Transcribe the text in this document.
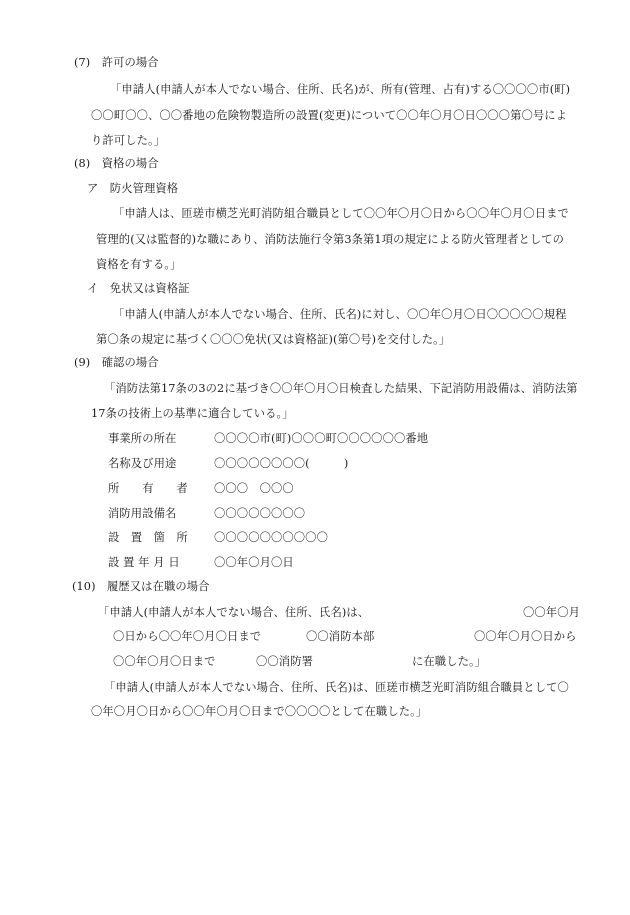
(7)　許可の場合
「申請人(申請人が本人でない場合、住所、氏名)が、所有(管理、占有)する〇〇〇〇市(町)
〇〇町〇〇、〇〇番地の危険物製造所の設置(変更)について〇〇年〇月〇日〇〇〇第〇号によ
り許可した。」
(8)　資格の場合
ア　防火管理資格
「申請人は、匝瑳市横芝光町消防組合職員として〇〇年〇月〇日から〇〇年〇月〇日まで
管理的(又は監督的)な職にあり、消防法施行令第3条第1項の規定による防火管理者としての
資格を有する。」
イ　免状又は資格証
「申請人(申請人が本人でない場合、住所、氏名)に対し、〇〇年〇月〇日〇〇〇〇〇規程
第〇条の規定に基づく〇〇〇免状(又は資格証)(第〇号)を交付した。」
(9)　確認の場合
「消防法第17条の3の2に基づき〇〇年〇月〇日検査した結果、下記消防用設備は、消防法第
17条の技術上の基準に適合している。」
事業所の所在	〇〇〇〇市(町)〇〇〇町〇〇〇〇〇〇番地
名称及び用途	〇〇〇〇〇〇〇〇(　　　)
所　　有　　者 〇〇〇　〇〇〇
消防用設備名	〇〇〇〇〇〇〇〇
設　置　箇　所 〇〇〇〇〇〇〇〇〇〇
設 置 年 月 日	〇〇年〇月〇日
(10)　履歴又は在職の場合
「申請人(申請人が本人でない場合、住所、氏名)は、	〇〇年〇月
〇日から〇〇年〇月〇日まで	〇〇消防本部	〇〇年〇月〇日から
〇〇年〇月〇日まで	〇〇消防署	に在職した。」
「申請人(申請人が本人でない場合、住所、氏名)は、匝瑳市横芝光町消防組合職員として〇
〇年〇月〇日から〇〇年〇月〇日まで〇〇〇〇として在職した。」
